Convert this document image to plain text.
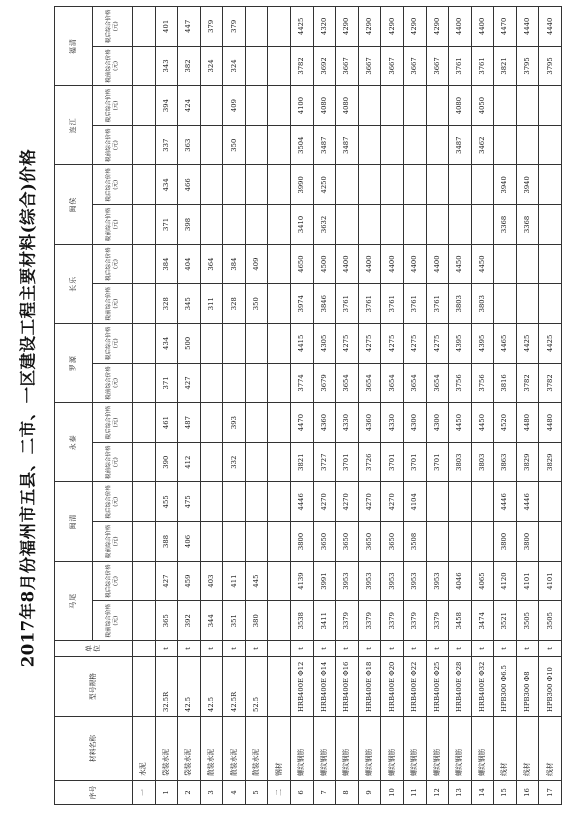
2017年8月份福州市五县、二市、一区建设工程主要材料(综合)价格
序号	材料名称	型号规格	单位	马尾		闽清		永泰		罗源		长乐		闽侯		连江		福清	
				税前综合价格(元)	税后综合价格(元)	税前综合价格(元)	税后综合价格(元)	税前综合价格(元)	税后综合价格(元)	税前综合价格(元)	税后综合价格(元)	税前综合价格(元)	税后综合价格(元)	税前综合价格(元)	税后综合价格(元)	税前综合价格(元)	税后综合价格(元)	税前综合价格(元)	税后综合价格(元)
一	水泥																		
1	袋装水泥	32.5R	t	365	427	388	455	390	461	371	434	328	384	371	434	337	394	343	401
2	袋装水泥	42.5	t	392	459	406	475	412	487	427	500	345	404	398	466	363	424	382	447
3	散装水泥	42.5	t	344	403							311	364					324	379
4	散装水泥	42.5R	t	351	411			332	393			328	384			350	409	324	379
5	散装水泥	52.5	t	380	445							350	409						
二	钢材																		
6	螺纹钢筋	HRB400E Φ12	t	3538	4139	3800	4446	3821	4470	3774	4415	3974	4650	3410	3990	3504	4100	3782	4425
7	螺纹钢筋	HRB400E Φ14	t	3411	3991	3650	4270	3727	4360	3679	4305	3846	4500	3632	4250	3487	4080	3692	4320
8	螺纹钢筋	HRB400E Φ16	t	3379	3953	3650	4270	3701	4330	3654	4275	3761	4400			3487	4080	3667	4290
9	螺纹钢筋	HRB400E Φ18	t	3379	3953	3650	4270	3726	4360	3654	4275	3761	4400					3667	4290
10	螺纹钢筋	HRB400E Φ20	t	3379	3953	3650	4270	3701	4330	3654	4275	3761	4400					3667	4290
11	螺纹钢筋	HRB400E Φ22	t	3379	3953	3508	4104	3701	4300	3654	4275	3761	4400					3667	4290
12	螺纹钢筋	HRB400E Φ25	t	3379	3953			3701	4300	3654	4275	3761	4400					3667	4290
13	螺纹钢筋	HRB400E Φ28	t	3458	4046			3803	4450	3756	4395	3803	4450			3487	4080	3761	4400
14	螺纹钢筋	HRB400E Φ32	t	3474	4065			3803	4450	3756	4395	3803	4450			3462	4050	3761	4400
15	线材	HPB300 Φ6.5	t	3521	4120	3800	4446	3863	4520	3816	4465			3368	3940			3821	4470
16	线材	HPB300 Φ8	t	3505	4101	3800	4446	3829	4480	3782	4425			3368	3940			3795	4440
17	线材	HPB300 Φ10	t	3505	4101			3829	4480	3782	4425							3795	4440
